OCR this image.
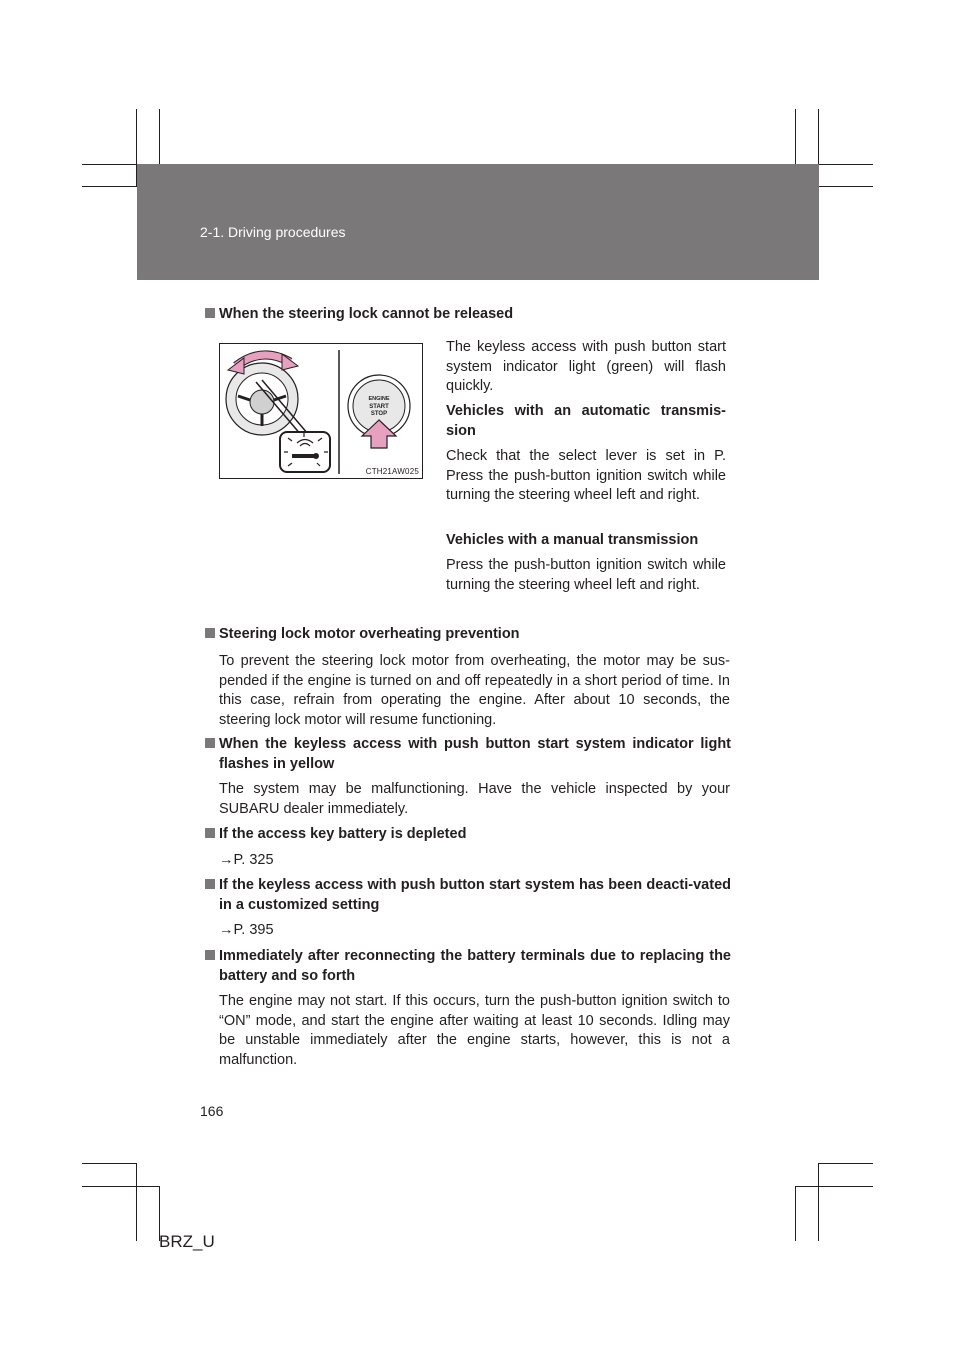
2-1. Driving procedures
When the steering lock cannot be released
ENGINE
START
STOP
CTH21AW025
The keyless access with push button start system indicator light (green) will flash quickly.
Vehicles with an automatic transmis-sion
Check that the select lever is set in P. Press the push-button ignition switch while turning the steering wheel left and right.
Vehicles with a manual transmission
Press the push-button ignition switch while turning the steering wheel left and right.
Steering lock motor overheating prevention
To prevent the steering lock motor from overheating, the motor may be sus-pended if the engine is turned on and off repeatedly in a short period of time. In this case, refrain from operating the engine. After about 10 seconds, the steering lock motor will resume functioning.
When the keyless access with push button start system indicator light flashes in yellow
The system may be malfunctioning. Have the vehicle inspected by your SUBARU dealer immediately.
If the access key battery is depleted
→P. 325
If the keyless access with push button start system has been deacti-vated in a customized setting
→P. 395
Immediately after reconnecting the battery terminals due to replacing the battery and so forth
The engine may not start. If this occurs, turn the push-button ignition switch to “ON” mode, and start the engine after waiting at least 10 seconds. Idling may be unstable immediately after the engine starts, however, this is not a malfunction.
166
BRZ_U
